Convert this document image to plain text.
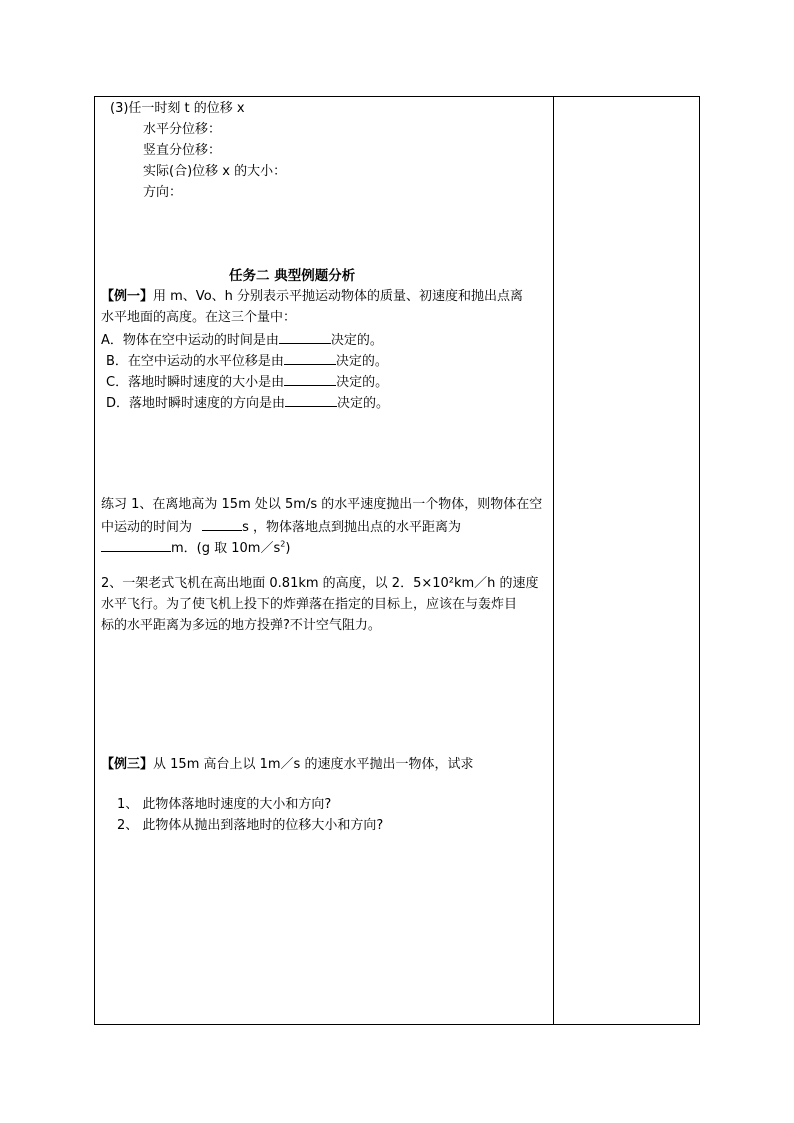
(3)任一时刻 t 的位移 x
水平分位移：
竖直分位移：
实际(合)位移 x 的大小：
方向：
任务二 典型例题分析
【例一】用 m、Vo、h 分别表示平抛运动物体的质量、初速度和抛出点离
水平地面的高度。在这三个量中：
A．物体在空中运动的时间是由	决定的。
B．在空中运动的水平位移是由	决定的。
C．落地时瞬时速度的大小是由	决定的。
D．落地时瞬时速度的方向是由	决定的。
练习 1、在离地高为 15m 处以 5m/s 的水平速度抛出一个物体，则物体在空
中运动的时间为	s ，物体落地点到抛出点的水平距离为
m．(g 取 $10m/s^2$)
2、一架老式飞机在高出地面 0.81km 的高度，以 2．5×10²km／h 的速度
水平飞行。为了使飞机上投下的炸弹落在指定的目标上，应该在与轰炸目
标的水平距离为多远的地方投弹?不计空气阻力。
【例三】从 15m 高台上以 1m／s 的速度水平抛出一物体，试求
1、 此物体落地时速度的大小和方向?
2、 此物体从抛出到落地时的位移大小和方向?
